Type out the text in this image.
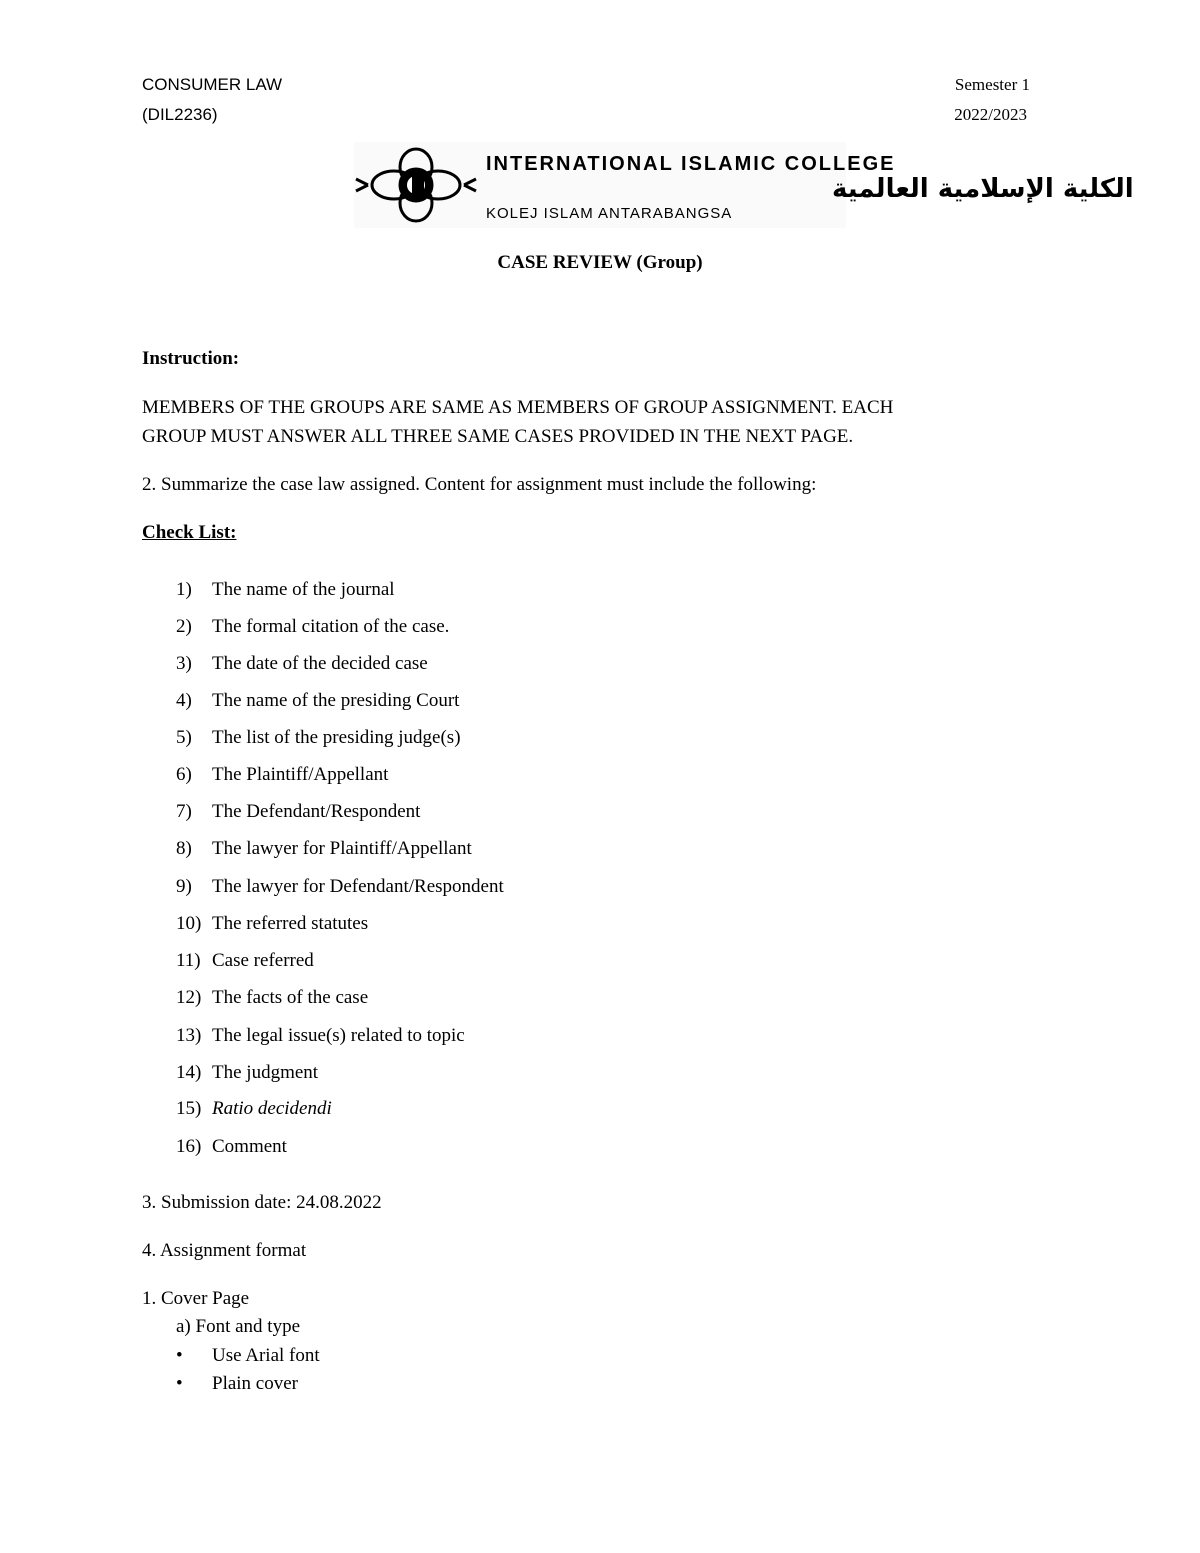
CONSUMER LAW
(DIL2236)
Semester 1
2022/2023
INTERNATIONAL ISLAMIC COLLEGE
الكلية الإسلامية العالمية
KOLEJ ISLAM ANTARABANGSA
CASE REVIEW (Group)
Instruction:
MEMBERS OF THE GROUPS ARE SAME AS MEMBERS OF GROUP ASSIGNMENT. EACH
GROUP MUST ANSWER ALL THREE SAME CASES PROVIDED IN THE NEXT PAGE.
2. Summarize the case law assigned. Content for assignment must include the following:
Check List:
1) The name of the journal
2) The formal citation of the case.
3) The date of the decided case
4) The name of the presiding Court
5) The list of the presiding judge(s)
6) The Plaintiff/Appellant
7) The Defendant/Respondent
8) The lawyer for Plaintiff/Appellant
9) The lawyer for Defendant/Respondent
10) The referred statutes
11) Case referred
12) The facts of the case
13) The legal issue(s) related to topic
14) The judgment
15) Ratio decidendi
16) Comment
3. Submission date: 24.08.2022
4. Assignment format
1. Cover Page
a) Font and type
• Use Arial font
• Plain cover
